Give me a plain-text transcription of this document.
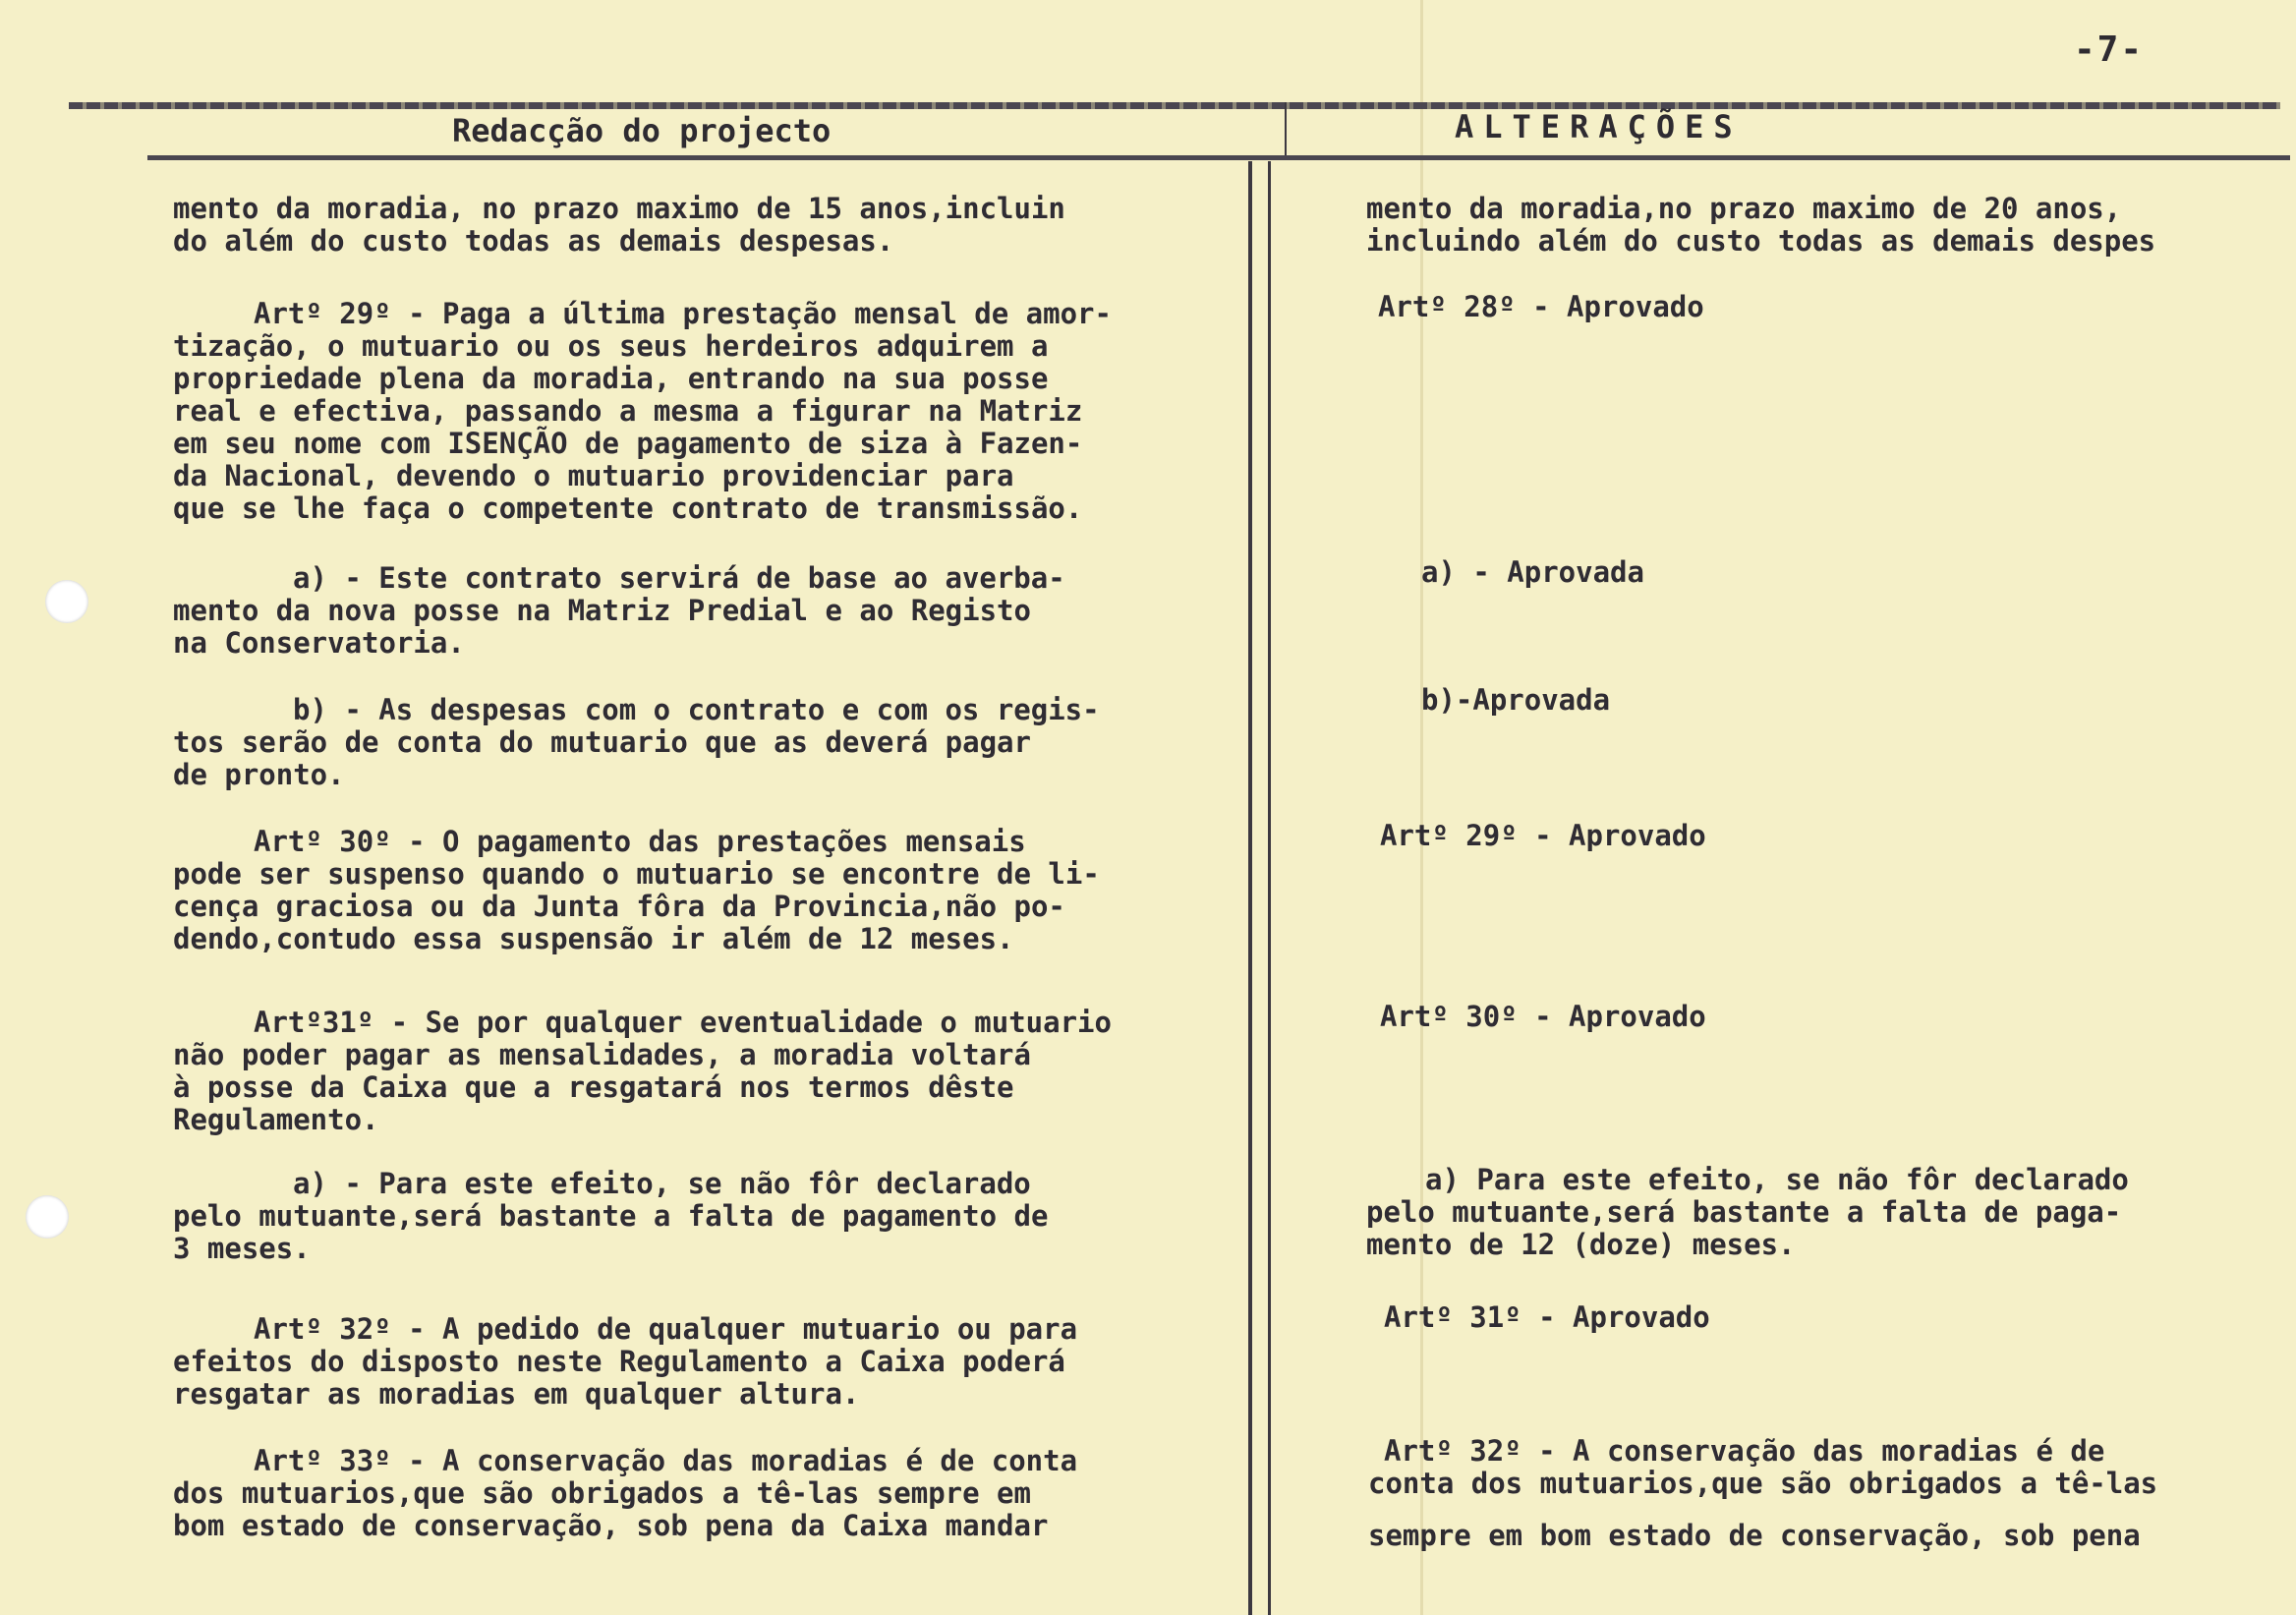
-7-
Redacção do projecto	ALTERAÇÕES
mento da moradia, no prazo maximo de 15 anos,incluin
do além do custo todas as demais despesas.
Artº 29º - Paga a última prestação mensal de amor-
tização, o mutuario ou os seus herdeiros adquirem a
propriedade plena da moradia, entrando na sua posse
real e efectiva, passando a mesma a figurar na Matriz
em seu nome com ISENÇÃO de pagamento de siza à Fazen-
da Nacional, devendo o mutuario providenciar para
que se lhe faça o competente contrato de transmissão.
a) - Este contrato servirá de base ao averba-
mento da nova posse na Matriz Predial e ao Registo
na Conservatoria.
b) - As despesas com o contrato e com os regis-
tos serão de conta do mutuario que as deverá pagar
de pronto.
Artº 30º - O pagamento das prestações mensais
pode ser suspenso quando o mutuario se encontre de li-
cença graciosa ou da Junta fôra da Provincia,não po-
dendo,contudo essa suspensão ir além de 12 meses.
Artº31º - Se por qualquer eventualidade o mutuario
não poder pagar as mensalidades, a moradia voltará
à posse da Caixa que a resgatará nos termos dêste
Regulamento.
a) - Para este efeito, se não fôr declarado
pelo mutuante,será bastante a falta de pagamento de
3 meses.
Artº 32º - A pedido de qualquer mutuario ou para
efeitos do disposto neste Regulamento a Caixa poderá
resgatar as moradias em qualquer altura.
Artº 33º - A conservação das moradias é de conta
dos mutuarios,que são obrigados a tê-las sempre em
bom estado de conservação, sob pena da Caixa mandar
mento da moradia,no prazo maximo de 20 anos,
incluindo além do custo todas as demais despes
Artº 28º - Aprovado
a) - Aprovada
b)-Aprovada
Artº 29º - Aprovado
Artº 30º - Aprovado
a) Para este efeito, se não fôr declarado
pelo mutuante,será bastante a falta de paga-
mento de 12 (doze) meses.
Artº 31º - Aprovado
Artº 32º - A conservação das moradias é de
conta dos mutuarios,que são obrigados a tê-las
sempre em bom estado de conservação, sob pena
